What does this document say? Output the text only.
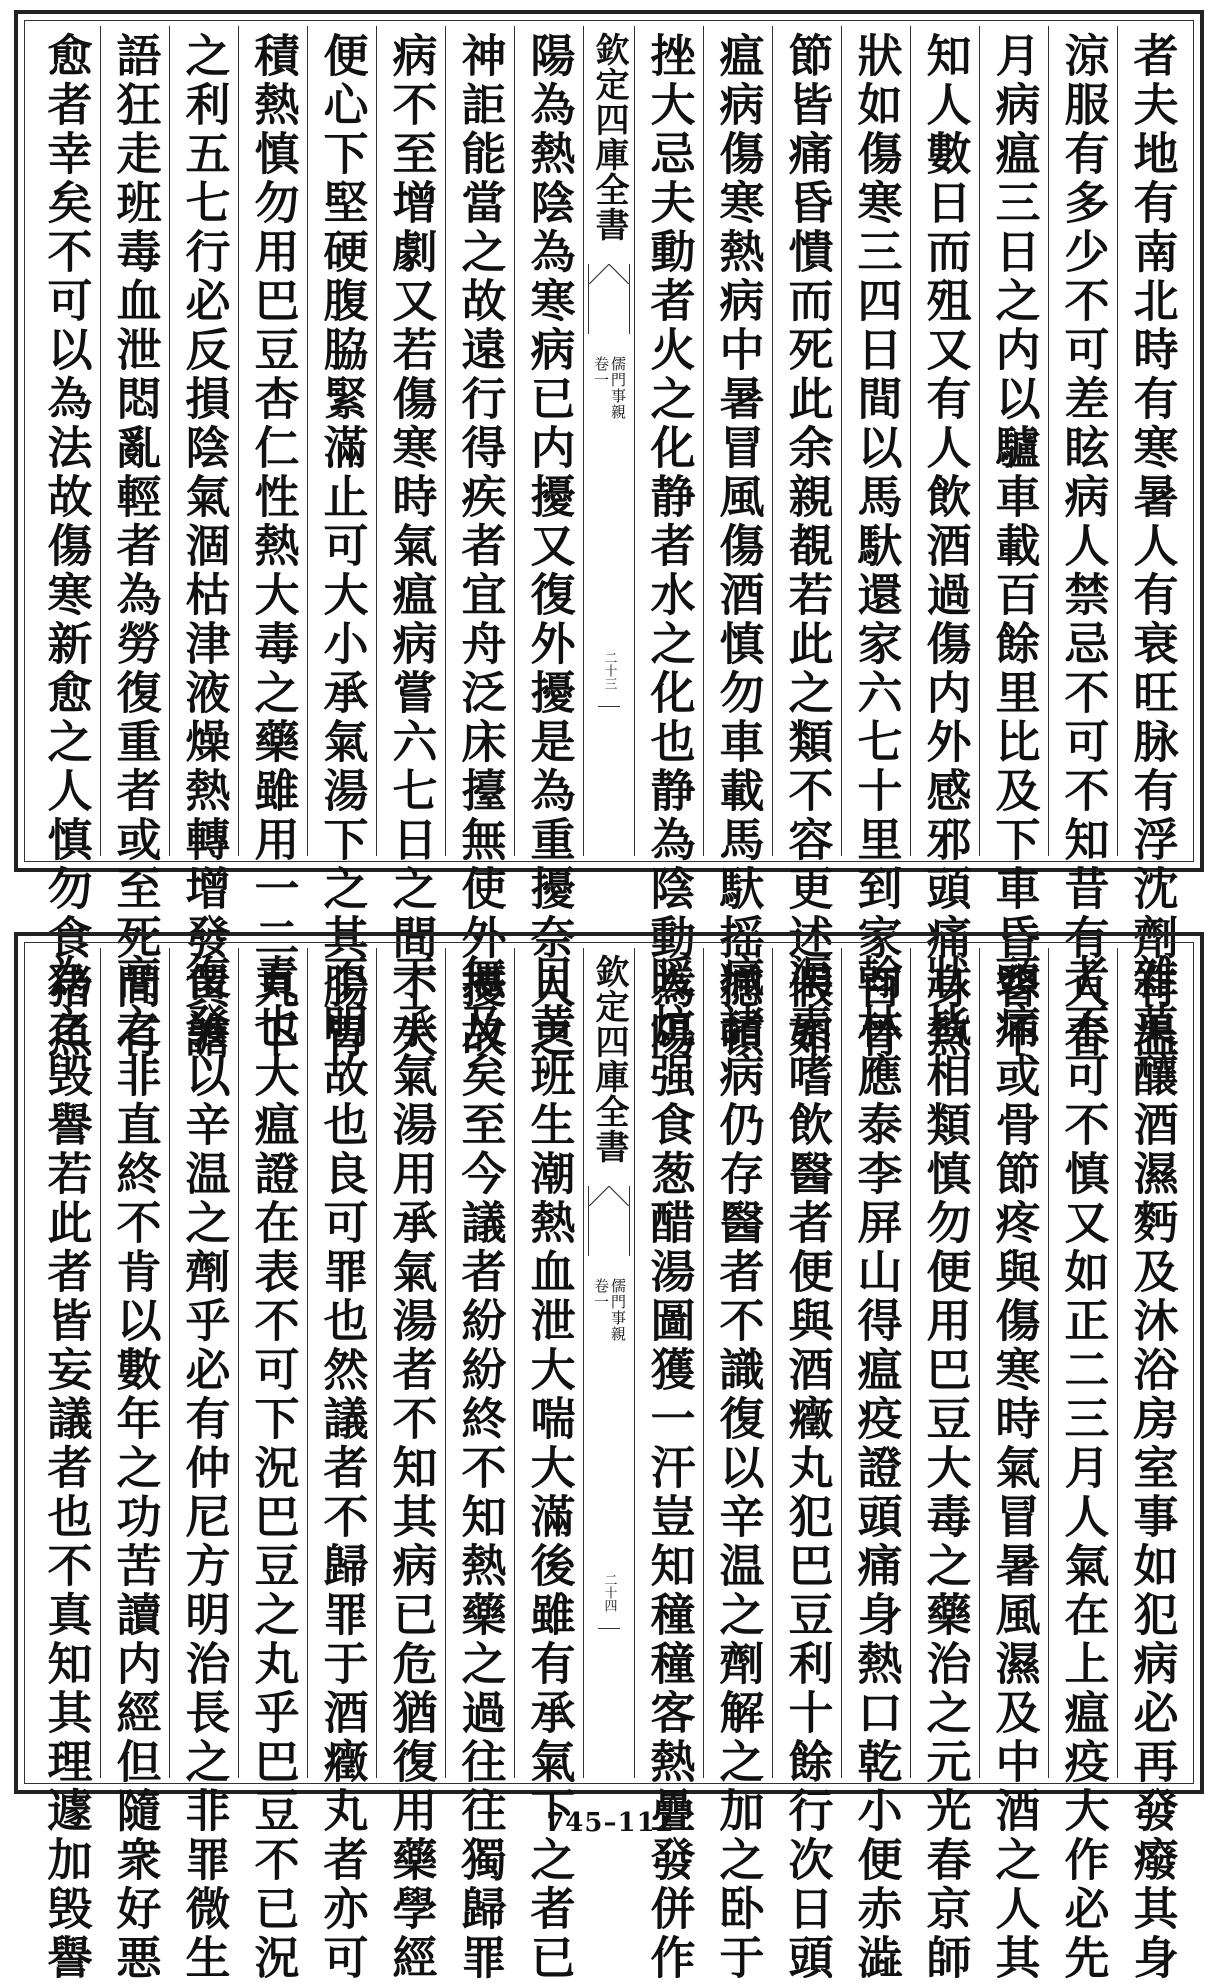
者夫地有南北時有寒暑人有衰旺脉有浮沈劑有温
涼服有多少不可差眩病人禁忌不可不知昔有人春
月病瘟三日之内以驢車載百餘里比及下車昏瞀不
知人數日而殂又有人飲酒過傷内外感邪頭痛身熱
狀如傷寒三四日間以馬馱還家六七十里到家百骨
節皆痛昏憒而死此余親覩若此之類不容更述假如
瘟病傷寒熱病中暑冒風傷酒慎勿車載馬馱摇撼頓
挫大忌夫動者火之化静者水之化也静為陰動為陽
欽定四庫全書
儒門事親
卷一
二十三
陽為熱陰為寒病已内擾又復外擾是為重擾奈人之
神詎能當之故遠行得疾者宜舟泛床擡無使外擾故
病不至增劇又若傷寒時氣瘟病嘗六七日之間不大
便心下堅硬腹脇緊滿止可大小承氣湯下之其腸胃
積熱慎勿用巴豆杏仁性熱大毒之藥雖用一二丸下
之利五七行必反損陰氣涸枯津液燥熱轉增發黄譫
語狂走班毒血泄悶亂輕者為勞復重者或至死間有
愈者幸矣不可以為法故傷寒新愈之人慎勿食猪魚
雜菓釀酒濕麪及沐浴房室事如犯病必再發癈其身
者不可不慎又如正二三月人氣在上瘟疫大作必先
頭痛或骨節疼與傷寒時氣冒暑風濕及中酒之人其
狀皆相類慎勿便用巴豆大毒之藥治之元光春京師
翰林應泰李屏山得瘟疫證頭痛身熱口乾小便赤澁
渠素嗜飲醫者便與酒癥丸犯巴豆利十餘行次日頭
痛諸病仍存醫者不識復以辛温之劑解之加之卧于
暖炕强食葱醋湯圖獲一汗豈知穜穜客熱疊發併作
欽定四庫全書
儒門事親
卷一
二十四
目黄班生潮熱血泄大喘大滿後雖有承氣下之者已
無及矣至今議者紛紛終不知熱藥之過往往獨歸罪
于承氣湯用承氣湯者不知其病已危猶復用藥學經
不明故也良可罪也然議者不歸罪于酒癥丸者亦可
責也大瘟證在表不可下況巴豆之丸乎巴豆不已況
復發以辛温之劑乎必有仲尼方明治長之非罪微生
高之非直終不肯以數年之功苦讀内經但隨衆好悪
為之毁譽若此者皆妄議者也不真知其理遽加毁譽	745–112
